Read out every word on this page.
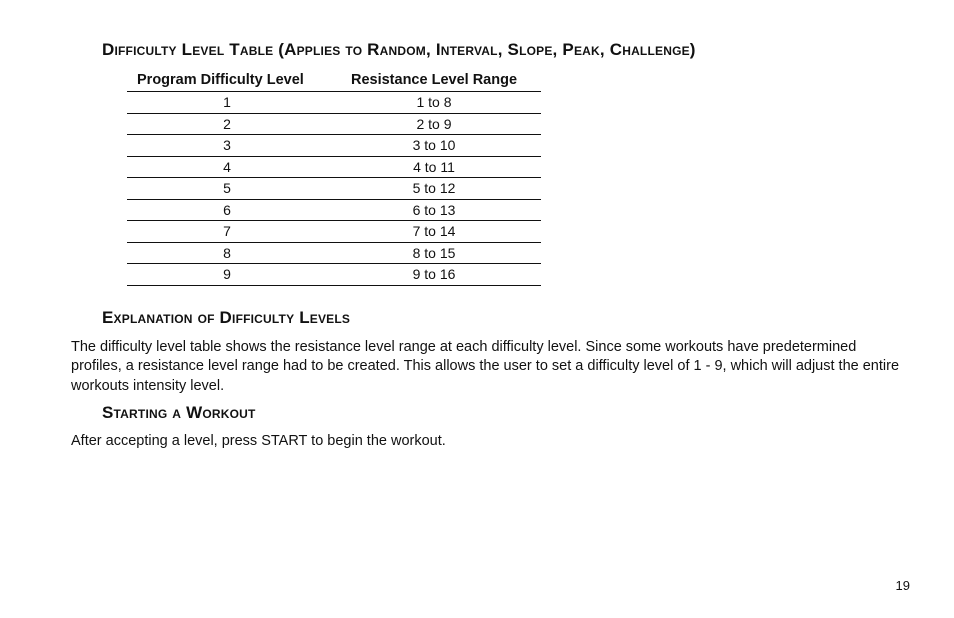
Difficulty Level Table (Applies to Random, Interval, Slope, Peak, Challenge)
Program Difficulty Level	Resistance Level Range
1	1 to 8
2	2 to 9
3	3 to 10
4	4 to 11
5	5 to 12
6	6 to 13
7	7 to 14
8	8 to 15
9	9 to 16
Explanation of Difficulty Levels

The difficulty level table shows the resistance level range at each difficulty level. Since some workouts have predetermined profiles, a resistance level range had to be created. This allows the user to set a difficulty level of 1 - 9, which will adjust the entire workouts intensity level.

Starting a Workout

After accepting a level, press START to begin the workout.

19
